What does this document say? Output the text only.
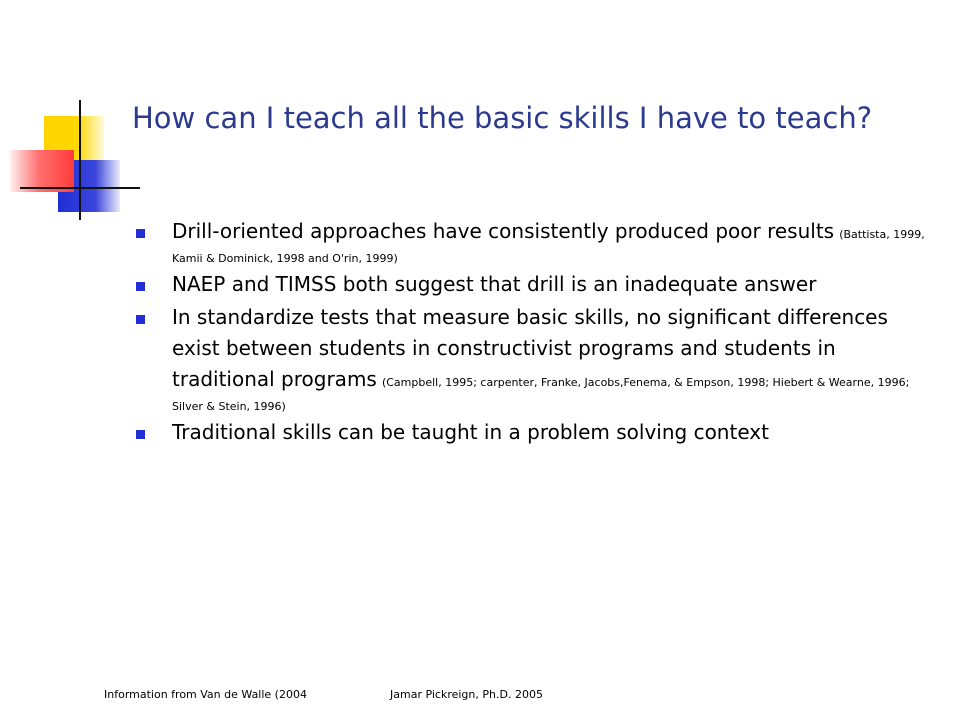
How can I teach all the basic skills I have to teach?
Drill-oriented approaches have consistently produced poor results (Battista, 1999, Kamii & Dominick, 1998 and O'rin, 1999)
NAEP and TIMSS both suggest that drill is an inadequate answer
In standardize tests that measure basic skills, no significant differences exist between students in constructivist programs and students in traditional programs (Campbell, 1995; carpenter, Franke, Jacobs,Fenema, & Empson, 1998; Hiebert & Wearne, 1996; Silver & Stein, 1996)
Traditional skills can be taught in a problem solving context
Information from Van de Walle (2004	Jamar Pickreign, Ph.D. 2005
